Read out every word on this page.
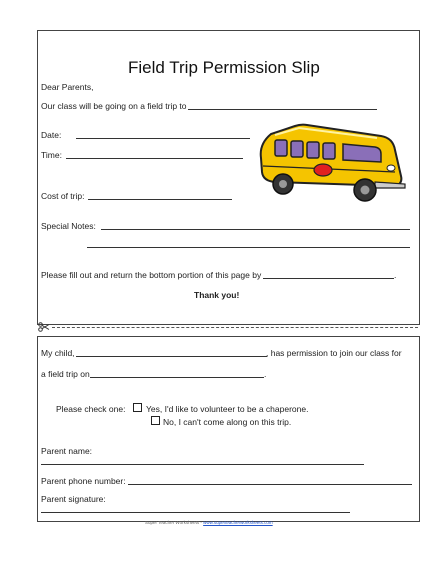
Field Trip Permission Slip
Dear Parents,
Our class will be going on a field trip to
Date:
Time:
Cost of trip:
Special Notes:
Please fill out and return the bottom portion of this page by	.
Thank you!
My child,	, has permission to join our class for
a field trip on	.
Please check one: Yes, I'd like to volunteer to be a chaperone.
No, I can't come along on this trip.
Parent name:
Parent phone number:
Parent signature:
Super Teacher Worksheets - www.superteacherworksheets.com
